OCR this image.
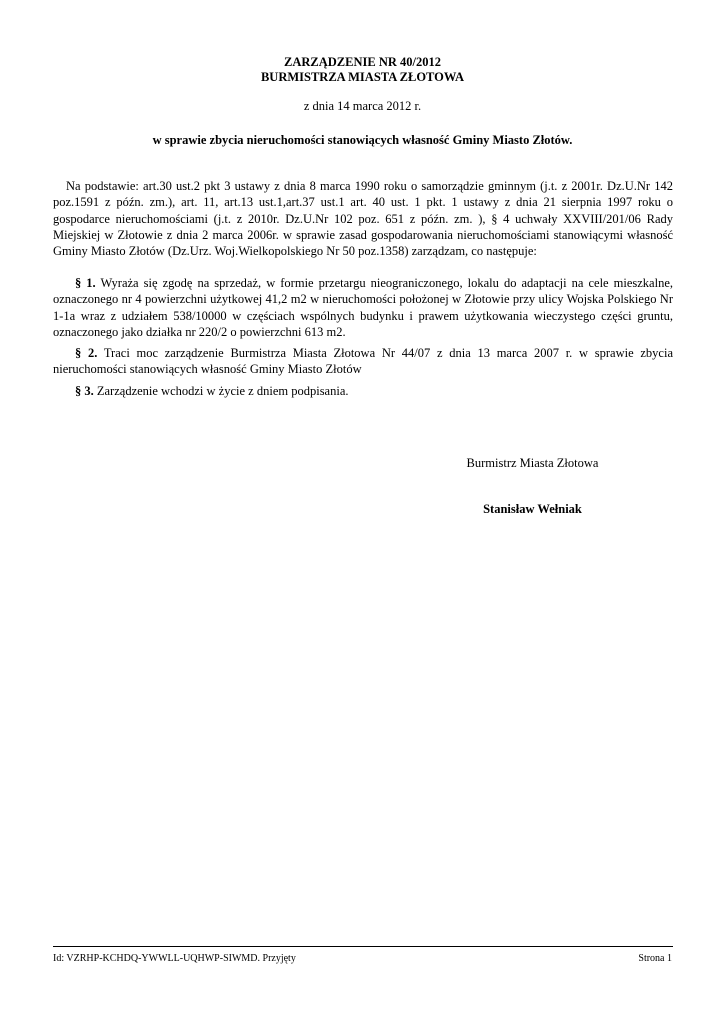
ZARZĄDZENIE NR 40/2012
BURMISTRZA MIASTA ZŁOTOWA
z dnia 14 marca 2012 r.
w sprawie zbycia nieruchomości stanowiących własność Gminy Miasto Złotów.

Na podstawie: art.30 ust.2 pkt 3 ustawy z dnia 8 marca 1990 roku o samorządzie gminnym (j.t. z 2001r. Dz.U.Nr 142 poz.1591 z późn. zm.), art. 11, art.13 ust.1,art.37 ust.1 art. 40 ust. 1 pkt. 1 ustawy z dnia 21 sierpnia 1997 roku o gospodarce nieruchomościami (j.t. z 2010r. Dz.U.Nr 102 poz. 651 z późn. zm. ), § 4 uchwały XXVIII/201/06 Rady Miejskiej w Złotowie z dnia 2 marca 2006r. w sprawie zasad gospodarowania nieruchomościami stanowiącymi własność Gminy Miasto Złotów (Dz.Urz. Woj.Wielkopolskiego Nr 50 poz.1358) zarządzam, co następuje:

§ 1. Wyraża się zgodę na sprzedaż, w formie przetargu nieograniczonego, lokalu do adaptacji na cele mieszkalne, oznaczonego nr 4 powierzchni użytkowej 41,2 m2 w nieruchomości położonej w Złotowie przy ulicy Wojska Polskiego Nr 1-1a wraz z udziałem 538/10000 w częściach wspólnych budynku i prawem użytkowania wieczystego części gruntu, oznaczonego jako działka nr 220/2 o powierzchni 613 m2.

§ 2. Traci moc zarządzenie Burmistrza Miasta Złotowa Nr 44/07 z dnia 13 marca 2007 r. w sprawie zbycia nieruchomości stanowiących własność Gminy Miasto Złotów

§ 3. Zarządzenie wchodzi w życie z dniem podpisania.

Burmistrz Miasta Złotowa
Stanisław Wełniak
Id: VZRHP-KCHDQ-YWWLL-UQHWP-SIWMD. Przyjęty	Strona 1
